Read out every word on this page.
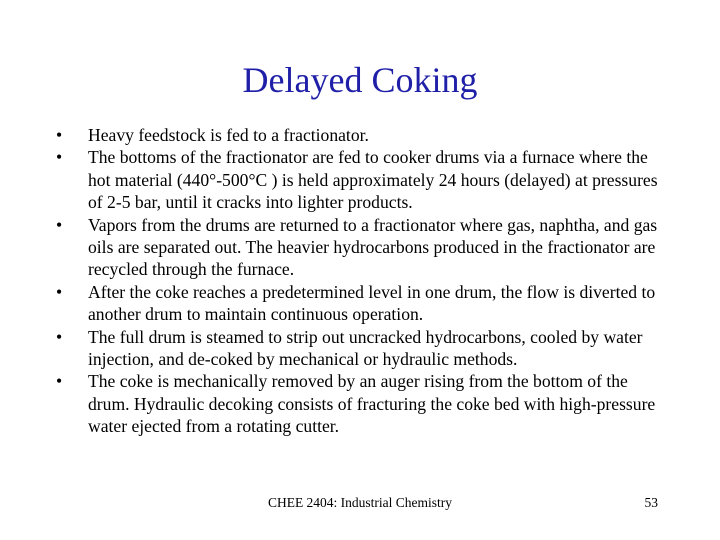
Delayed Coking
• Heavy feedstock is fed to a fractionator.
• The bottoms of the fractionator are fed to cooker drums via a furnace where the hot material (440°-500°C ) is held approximately 24 hours (delayed) at pressures of 2-5 bar, until it cracks into lighter products.
• Vapors from the drums are returned to a fractionator where gas, naphtha, and gas oils are separated out. The heavier hydrocarbons produced in the fractionator are recycled through the furnace.
• After the coke reaches a predetermined level in one drum, the flow is diverted to another drum to maintain continuous operation.
• The full drum is steamed to strip out uncracked hydrocarbons, cooled by water injection, and de-coked by mechanical or hydraulic methods.
• The coke is mechanically removed by an auger rising from the bottom of the drum. Hydraulic decoking consists of fracturing the coke bed with high-pressure water ejected from a rotating cutter.
CHEE 2404: Industrial Chemistry	53
